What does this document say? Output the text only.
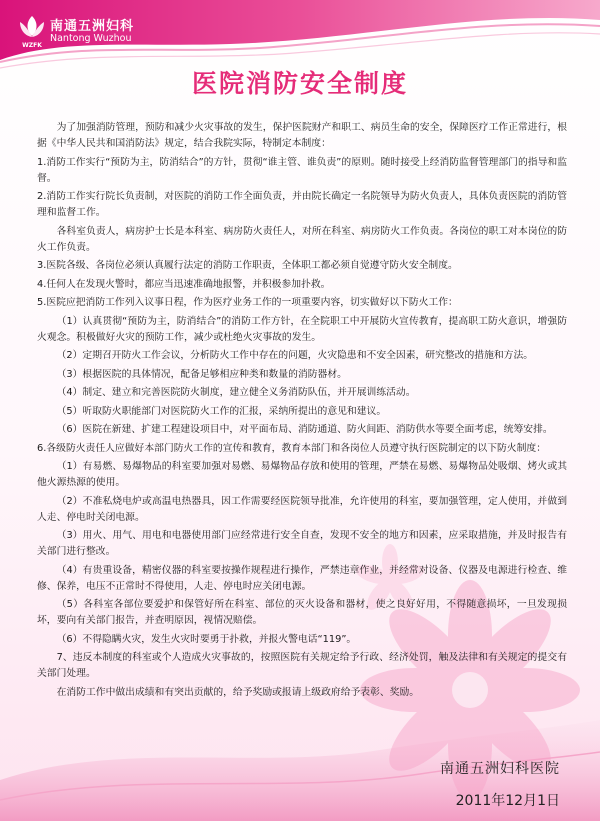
WZFK
南通五洲妇科
Nantong Wuzhou
医院消防安全制度

为了加强消防管理，预防和减少火灾事故的发生，保护医院财产和职工、病员生命的安全，保障医疗工作正常进行，根据《中华人民共和国消防法》规定，结合我院实际，特制定本制度：

1.消防工作实行“预防为主，防消结合”的方针，贯彻“谁主管、谁负责”的原则。随时接受上经消防监督管理部门的指导和监督。

2.消防工作实行院长负责制，对医院的消防工作全面负责，并由院长确定一名院领导为防火负责人，具体负责医院的消防管理和监督工作。

各科室负责人，病房护士长是本科室、病房防火责任人，对所在科室、病房防火工作负责。各岗位的职工对本岗位的防火工作负责。

3.医院各级、各岗位必须认真履行法定的消防工作职责，全体职工都必须自觉遵守防火安全制度。

4.任何人在发现火警时，都应当迅速准确地报警，并积极参加扑救。

5.医院应把消防工作列入议事日程，作为医疗业务工作的一项重要内容，切实做好以下防火工作：

（1）认真贯彻“预防为主，防消结合”的消防工作方针，在全院职工中开展防火宣传教育，提高职工防火意识，增强防火观念。积极做好火灾的预防工作，减少或杜绝火灾事故的发生。

（2）定期召开防火工作会议，分析防火工作中存在的问题，火灾隐患和不安全因素，研究整改的措施和方法。

（3）根据医院的具体情况，配备足够相应种类和数量的消防器材。

（4）制定、建立和完善医院防火制度，建立健全义务消防队伍，并开展训练活动。

（5）听取防火职能部门对医院防火工作的汇报，采纳所提出的意见和建议。

（6）医院在新建、扩建工程建设项目中，对平面布局、消防通道、防火间距、消防供水等要全面考虑，统筹安排。

6.各级防火责任人应做好本部门防火工作的宣传和教育，教育本部门和各岗位人员遵守执行医院制定的以下防火制度：

（1）有易燃、易爆物品的科室要加强对易燃、易爆物品存放和使用的管理，严禁在易燃、易爆物品处吸烟、烤火或其他火源热源的使用。

（2）不准私烧电炉或高温电热器具，因工作需要经医院领导批准，允许使用的科室，要加强管理，定人使用，并做到人走、停电时关闭电源。

（3）用火、用气、用电和电器使用部门应经常进行安全自查，发现不安全的地方和因素，应采取措施，并及时报告有关部门进行整改。

（4）有贵重设备，精密仪器的科室要按操作规程进行操作，严禁违章作业，并经常对设备、仪器及电源进行检查、维修、保养，电压不正常时不得使用，人走、停电时应关闭电源。

（5）各科室各部位要爱护和保管好所在科室、部位的灭火设备和器材，使之良好好用，不得随意损坏，一旦发现损坏，要向有关部门报告，并查明原因，视情况赔偿。

（6）不得隐瞒火灾，发生火灾时要勇于扑救，并报火警电话“119”。

7、违反本制度的科室或个人造成火灾事故的，按照医院有关规定给予行政、经济处罚，触及法律和有关规定的提交有关部门处理。

在消防工作中做出成绩和有突出贡献的，给予奖励或报请上级政府给予表彰、奖励。

南通五洲妇科医院
2011年12月1日
